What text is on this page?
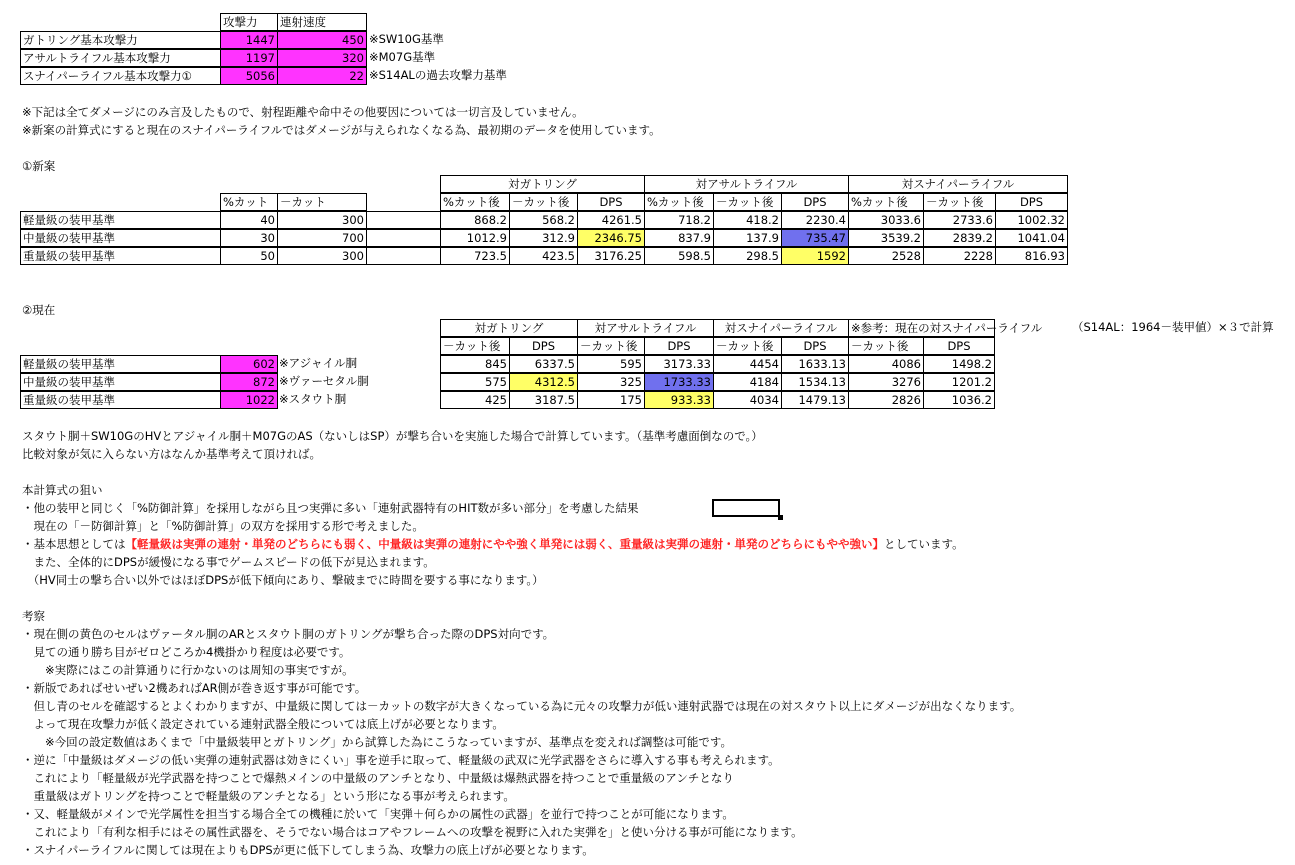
攻撃力	連射速度
ガトリング基本攻撃力	1447	450 ※SW10G基準
アサルトライフル基本攻撃力	1197	320 ※M07G基準
スナイパーライフル基本攻撃力①	5056	22 ※S14ALの過去攻撃力基準
※下記は全てダメージにのみ言及したもので、射程距離や命中その他要因については一切言及していません。
※新案の計算式にすると現在のスナイパーライフルではダメージが与えられなくなる為、最初期のデータを使用しています。
①新案
対ガトリング	対アサルトライフル	対スナイパーライフル
%カット	－カット	%カット後	－カット後	DPS	%カット後	－カット後	DPS	%カット後	－カット後	DPS
軽量級の装甲基準	40	300	868.2	568.2	4261.5	718.2	418.2	2230.4	3033.6	2733.6	1002.32
中量級の装甲基準	30	700	1012.9	312.9	2346.75	837.9	137.9	735.47	3539.2	2839.2	1041.04
重量級の装甲基準	50	300	723.5	423.5	3176.25	598.5	298.5	1592	2528	2228	816.93
②現在
対ガトリング	対アサルトライフル	対スナイパーライフル	※参考：現在の対スナイパーライフル	（S14AL：1964－装甲値）×３で計算
－カット後	DPS	－カット後	DPS	－カット後	DPS	－カット後	DPS
軽量級の装甲基準	602 ※アジャイル胴	845	6337.5	595	3173.33	4454	1633.13	4086	1498.2
中量級の装甲基準	872 ※ヴァーセタル胴	575	4312.5	325	1733.33	4184	1534.13	3276	1201.2
重量級の装甲基準	1022 ※スタウト胴	425	3187.5	175	933.33	4034	1479.13	2826	1036.2
スタウト胴＋SW10GのHVとアジャイル胴＋M07GのAS（ないしはSP）が撃ち合いを実施した場合で計算しています。（基準考慮面倒なので。）
比較対象が気に入らない方はなんか基準考えて頂ければ。
本計算式の狙い
・他の装甲と同じく「%防御計算」を採用しながら且つ実弾に多い「連射武器特有のHIT数が多い部分」を考慮した結果
　現在の「－防御計算」と「%防御計算」の双方を採用する形で考えました。
・基本思想としては【軽量級は実弾の連射・単発のどちらにも弱く、中量級は実弾の連射にやや強く単発には弱く、重量級は実弾の連射・単発のどちらにもやや強い】としています。
　また、全体的にDPSが緩慢になる事でゲームスピードの低下が見込まれます。
　（HV同士の撃ち合い以外ではほぼDPSが低下傾向にあり、撃破までに時間を要する事になります。）
考察
・現在側の黄色のセルはヴァータル胴のARとスタウト胴のガトリングが撃ち合った際のDPS対向です。
　見ての通り勝ち目がゼロどころか4機掛かり程度は必要です。
　　※実際にはこの計算通りに行かないのは周知の事実ですが。
・新版であればせいぜい2機あればAR側が巻き返す事が可能です。
　但し青のセルを確認するとよくわかりますが、中量級に関しては－カットの数字が大きくなっている為に元々の攻撃力が低い連射武器では現在の対スタウト以上にダメージが出なくなります。
　よって現在攻撃力が低く設定されている連射武器全般については底上げが必要となります。
　　※今回の設定数値はあくまで「中量級装甲とガトリング」から試算した為にこうなっていますが、基準点を変えれば調整は可能です。
・逆に「中量級はダメージの低い実弾の連射武器は効きにくい」事を逆手に取って、軽量級の武双に光学武器をさらに導入する事も考えられます。
　これにより「軽量級が光学武器を持つことで爆熱メインの中量級のアンチとなり、中量級は爆熱武器を持つことで重量級のアンチとなり
　重量級はガトリングを持つことで軽量級のアンチとなる」という形になる事が考えられます。
・又、軽量級がメインで光学属性を担当する場合全ての機種に於いて「実弾＋何らかの属性の武器」を並行で持つことが可能になります。
　これにより「有利な相手にはその属性武器を、そうでない場合はコアやフレームへの攻撃を視野に入れた実弾を」と使い分ける事が可能になります。
・スナイパーライフルに関しては現在よりもDPSが更に低下してしまう為、攻撃力の底上げが必要となります。
